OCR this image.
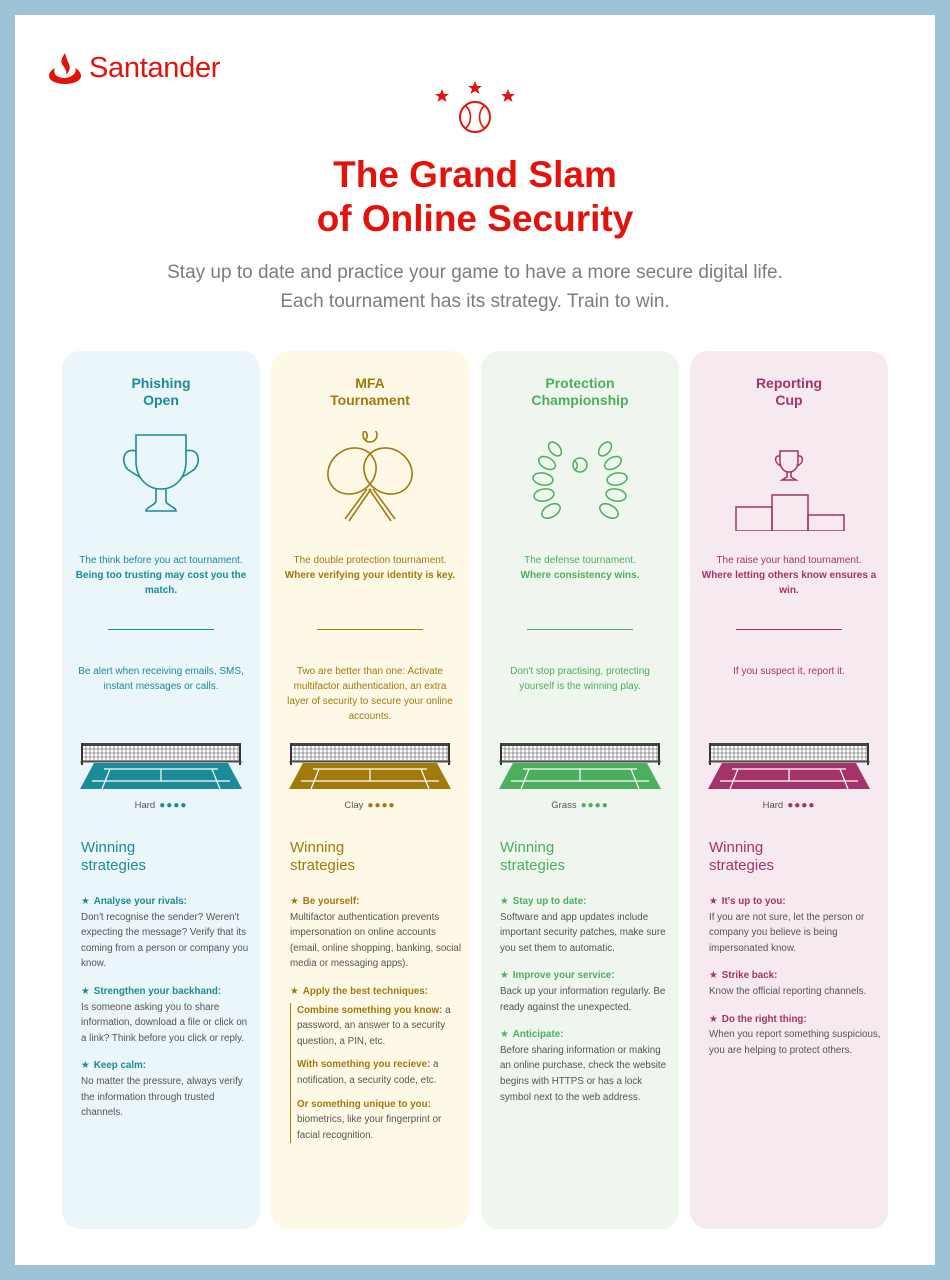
Santander
The Grand Slam
of Online Security
Stay up to date and practice your game to have a more secure digital life.
Each tournament has its strategy. Train to win.
Phishing
Open
The think before you act tournament.
Being too trusting may cost you the match.
Be alert when receiving emails, SMS, instant messages or calls.
Hard ●●●●
Winning
strategies
★ Analyse your rivals:
Don't recognise the sender? Weren't expecting the message? Verify that its coming from a person or company you know.
★ Strengthen your backhand:
Is someone asking you to share information, download a file or click on a link? Think before you click or reply.
★ Keep calm:
No matter the pressure, always verify the information through trusted channels.
MFA
Tournament
The double protection tournament.
Where verifying your identity is key.
Two are better than one: Activate multifactor authentication, an extra layer of security to secure your online accounts.
Clay ●●●●
Winning
strategies
★ Be yourself:
Multifactor authentication prevents impersonation on online accounts (email, online shopping, banking, social media or messaging apps).
★ Apply the best techniques:
Combine something you know: a password, an answer to a security question, a PIN, etc.
With something you recieve: a notification, a security code, etc.
Or something unique to you: biometrics, like your fingerprint or facial recognition.
Protection
Championship
The defense tournament.
Where consistency wins.
Don't stop practising, protecting yourself is the winning play.
Grass ●●●●
Winning
strategies
★ Stay up to date:
Software and app updates include important security patches, make sure you set them to automatic.
★ Improve your service:
Back up your information regularly. Be ready against the unexpected.
★ Anticipate:
Before sharing information or making an online purchase, check the website begins with HTTPS or has a lock symbol next to the web address.
Reporting
Cup
The raise your hand tournament.
Where letting others know ensures a win.
If you suspect it, report it.
Hard ●●●●
Winning
strategies
★ It's up to you:
If you are not sure, let the person or company you believe is being impersonated know.
★ Strike back:
Know the official reporting channels.
★ Do the right thing:
When you report something suspicious, you are helping to protect others.
